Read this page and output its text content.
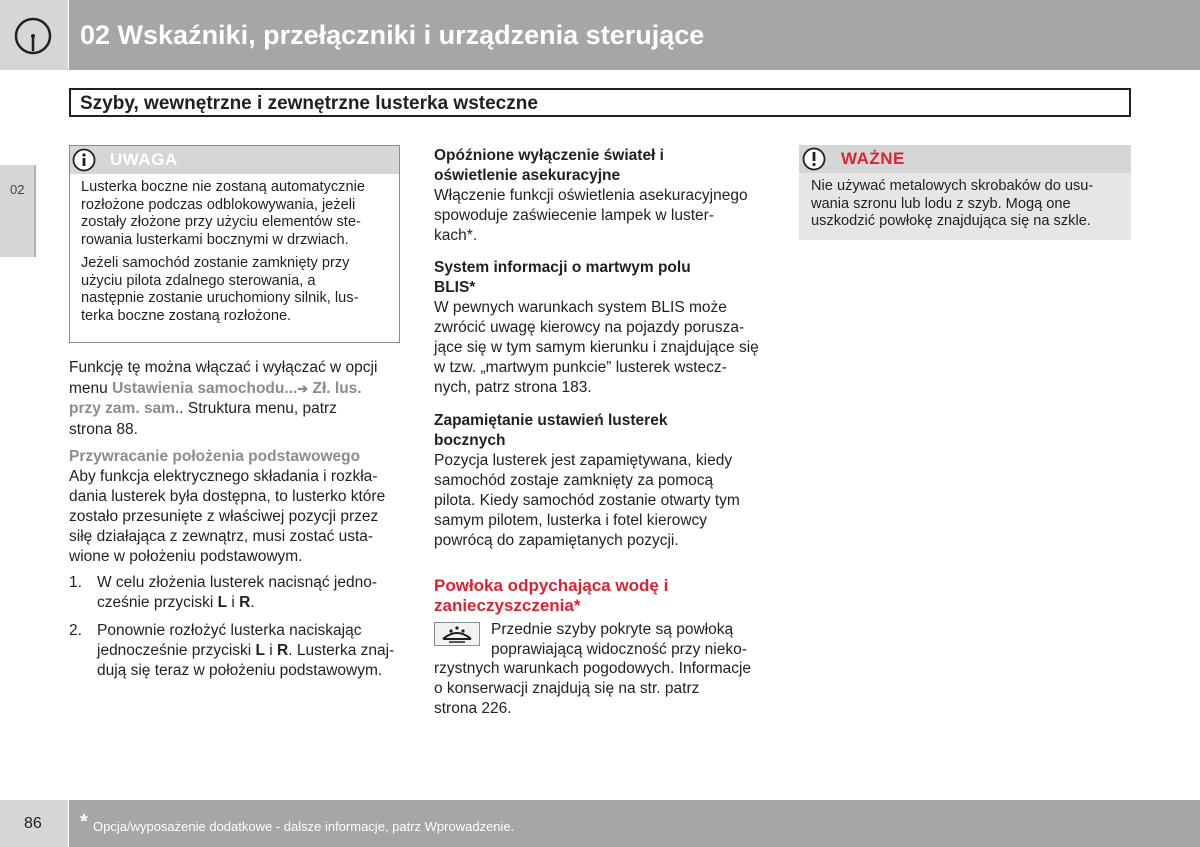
02 Wskaźniki, przełączniki i urządzenia sterujące
Szyby, wewnętrzne i zewnętrzne lusterka wsteczne
02
UWAGA

Lusterka boczne nie zostaną automatycznie
rozłożone podczas odblokowywania, jeżeli
zostały złożone przy użyciu elementów ste-
rowania lusterkami bocznymi w drzwiach.

Jeżeli samochód zostanie zamknięty przy
użyciu pilota zdalnego sterowania, a
następnie zostanie uruchomiony silnik, lus-
terka boczne zostaną rozłożone.

Funkcję tę można włączać i wyłączać w opcji
menu Ustawienia samochodu...➔ Zł. lus.
przy zam. sam.. Struktura menu, patrz
strona 88.
Przywracanie położenia podstawowego
Aby funkcja elektrycznego składania i rozkła-
dania lusterek była dostępna, to lusterko które
zostało przesunięte z właściwej pozycji przez
siłę działająca z zewnątrz, musi zostać usta-
wione w położeniu podstawowym.
1. W celu złożenia lusterek nacisnąć jedno-
cześnie przyciski L i R.
2. Ponownie rozłożyć lusterka naciskając
jednocześnie przyciski L i R. Lusterka znaj-
dują się teraz w położeniu podstawowym.
Opóźnione wyłączenie świateł i
oświetlenie asekuracyjne
Włączenie funkcji oświetlenia asekuracyjnego
spowoduje zaświecenie lampek w luster-
kach*.
System informacji o martwym polu
BLIS*
W pewnych warunkach system BLIS może
zwrócić uwagę kierowcy na pojazdy porusza-
jące się w tym samym kierunku i znajdujące się
w tzw. „martwym punkcie” lusterek wstecz-
nych, patrz strona 183.
Zapamiętanie ustawień lusterek
bocznych
Pozycja lusterek jest zapamiętywana, kiedy
samochód zostaje zamknięty za pomocą
pilota. Kiedy samochód zostanie otwarty tym
samym pilotem, lusterka i fotel kierowcy
powrócą do zapamiętanych pozycji.
Powłoka odpychająca wodę i
zanieczyszczenia*
Przednie szyby pokryte są powłoką
poprawiającą widoczność przy nieko-
rzystnych warunkach pogodowych. Informacje
o konserwacji znajdują się na str. patrz
strona 226.
WAŻNE
Nie używać metalowych skrobaków do usu-
wania szronu lub lodu z szyb. Mogą one
uszkodzić powłokę znajdująca się na szkle.
86 * Opcja/wyposażenie dodatkowe - dalsze informacje, patrz Wprowadzenie.
